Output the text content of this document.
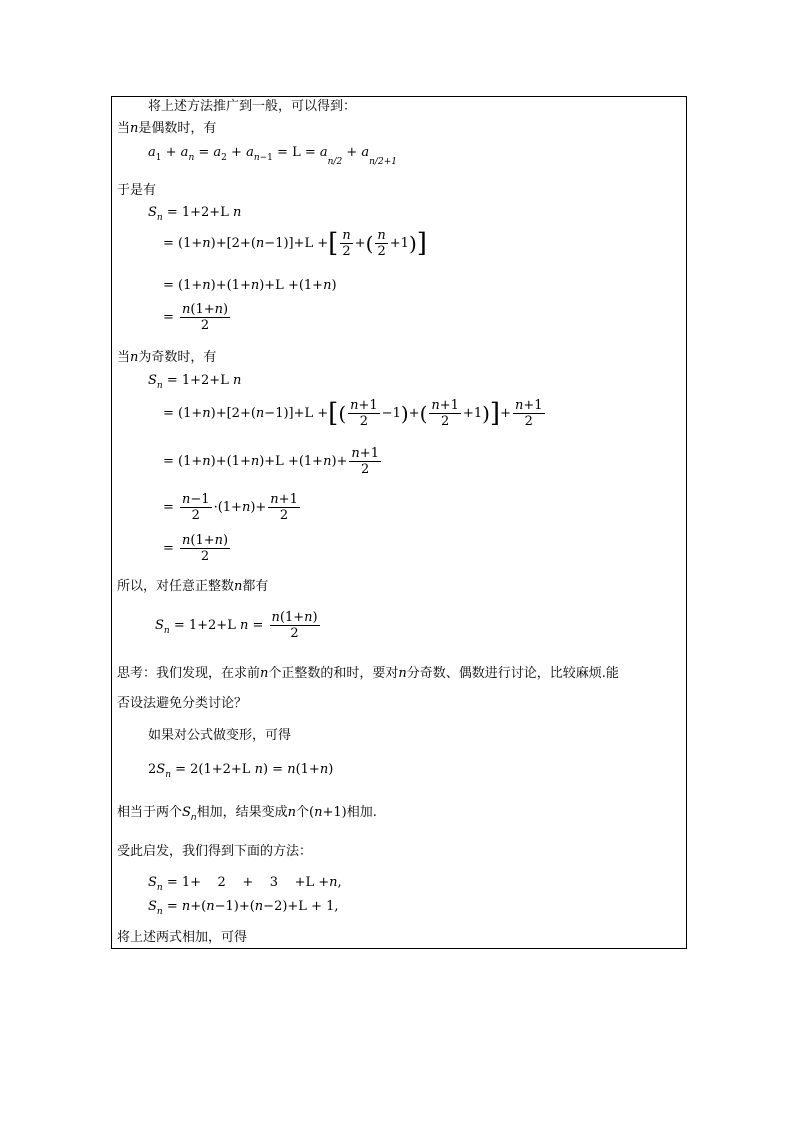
将上述方法推广到一般，可以得到：
当n是偶数时，有
$a_1 + a_n = a_2 + a_{n-1} = L = a_{n/2} + a_{n/2+1}$
于是有
$S_n = 1+2+L$ n
= (1+n)+[2+(n−1)]+L +[ $\frac{n}{2}$ +( $\frac{n}{2} +1$)]
= (1+n)+(1+n)+L +(1+n)
= $\frac{n(1+n)}{2}$
当n为奇数时，有
$S_n = 1+2+L$ n
= (1+n)+[2+(n−1)]+L +[( $\frac{n+1}{2} -1)+( \frac{n+1}{2} +1)]+ \frac{n+1}{2}$
= $(1+n)+(1+n)+L +(1+n)+ \frac{n+1}{2}$
= $\frac{n-1}{2} \cdot(1+n)+ \frac{n+1}{2}$
= $\frac{n(1+n)}{2}$
所以，对任意正整数n都有
$S_n = 1+2+L$ $n = \frac{n(1+n)}{2}$
思考：我们发现，在求前n个正整数的和时，要对n分奇数、偶数进行讨论，比较麻烦.能
否设法避免分类讨论？
如果对公式做变形，可得
$2S_n = 2(1+2+L$ n) = n(1+n)
相当于两个$S_n$相加，结果变成n个(n+1)相加.
受此启发，我们得到下面的方法：
$S_n = 1+$    2    +    3    +L +n,
$S_n = n+(n-1)+(n-2)+L + 1$,
将上述两式相加，可得
